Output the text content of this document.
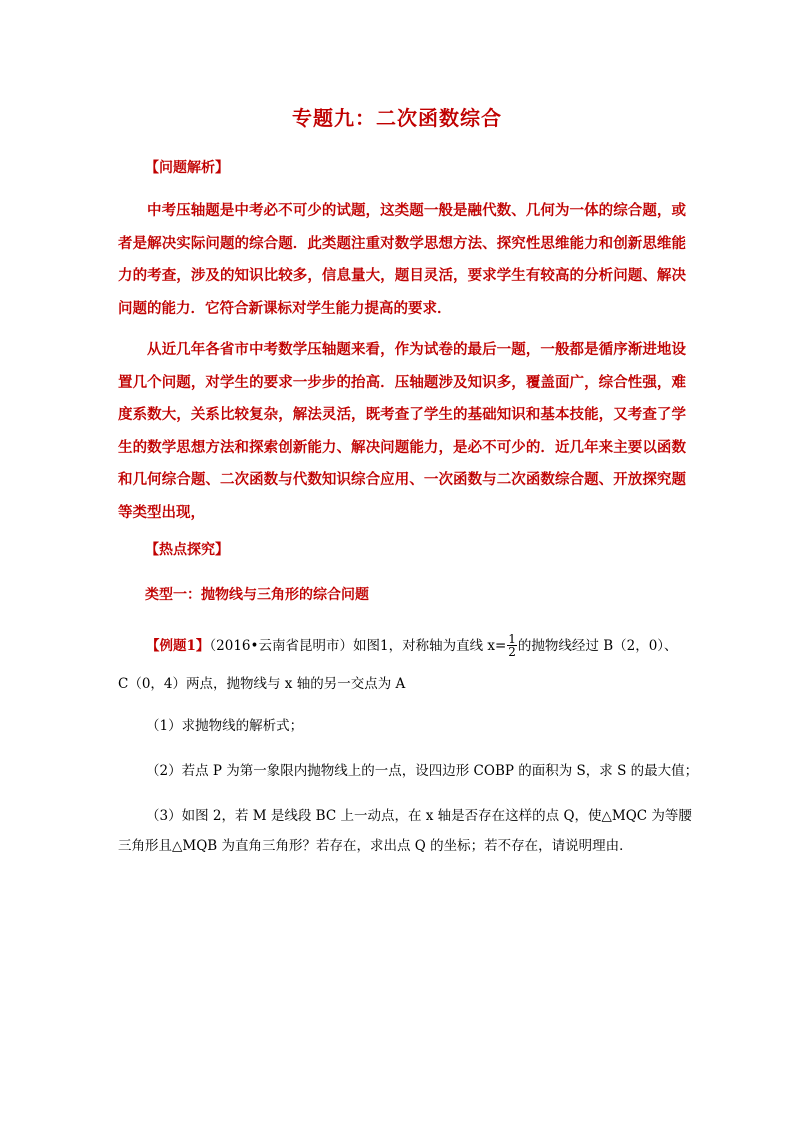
专题九：二次函数综合
【问题解析】
中考压轴题是中考必不可少的试题，这类题一般是融代数、几何为一体的综合题，或者是解决实际问题的综合题．此类题注重对数学思想方法、探究性思维能力和创新思维能力的考查，涉及的知识比较多，信息量大，题目灵活，要求学生有较高的分析问题、解决问题的能力．它符合新课标对学生能力提高的要求．
从近几年各省市中考数学压轴题来看，作为试卷的最后一题，一般都是循序渐进地设置几个问题，对学生的要求一步步的抬高．压轴题涉及知识多，覆盖面广，综合性强，难度系数大，关系比较复杂，解法灵活，既考查了学生的基础知识和基本技能，又考查了学生的数学思想方法和探索创新能力、解决问题能力，是必不可少的．近几年来主要以函数和几何综合题、二次函数与代数知识综合应用、一次函数与二次函数综合题、开放探究题等类型出现，
【热点探究】
类型一：抛物线与三角形的综合问题
【例题1】（2016•云南省昆明市）如图1，对称轴为直线 $x= \frac{1}{2}$ 的抛物线经过 B（2，0）、
C（0，4）两点，抛物线与 x 轴的另一交点为 A
（1）求抛物线的解析式；
（2）若点 P 为第一象限内抛物线上的一点，设四边形 COBP 的面积为 S，求 S 的最大值；
（3）如图 2，若 M 是线段 BC 上一动点，在 x 轴是否存在这样的点 Q，使△MQC 为等腰
三角形且△MQB 为直角三角形？若存在，求出点 Q 的坐标；若不存在，请说明理由．
